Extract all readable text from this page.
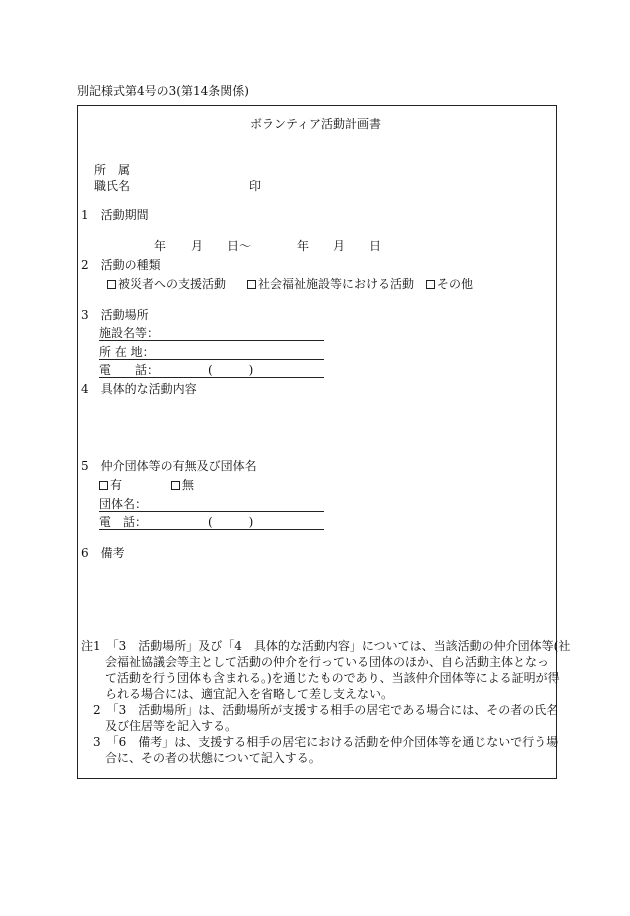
別記様式第4号の3(第14条関係)
ボランティア活動計画書
所　属
職氏名	印
1　活動期間
年 月 日〜	年 月 日
2　活動の種類
被災者への支援活動	社会福祉施設等における活動	その他
3　活動場所
施設名等：
所 在 地：
電　　話：	(　　　)
4　具体的な活動内容
5　仲介団体等の有無及び団体名
有	無
団体名：
電　話：	(　　　)
6　備考
注1　「3　活動場所」及び「4　具体的な活動内容」については、当該活動の仲介団体等(社
　　会福祉協議会等主として活動の仲介を行っている団体のほか、自ら活動主体となっ
　　て活動を行う団体も含まれる。)を通じたものであり、当該仲介団体等による証明が得
　　られる場合には、適宜記入を省略して差し支えない。
　2　「3　活動場所」は、活動場所が支援する相手の居宅である場合には、その者の氏名
　　及び住居等を記入する。
　3　「6　備考」は、支援する相手の居宅における活動を仲介団体等を通じないで行う場
　　合に、その者の状態について記入する。
